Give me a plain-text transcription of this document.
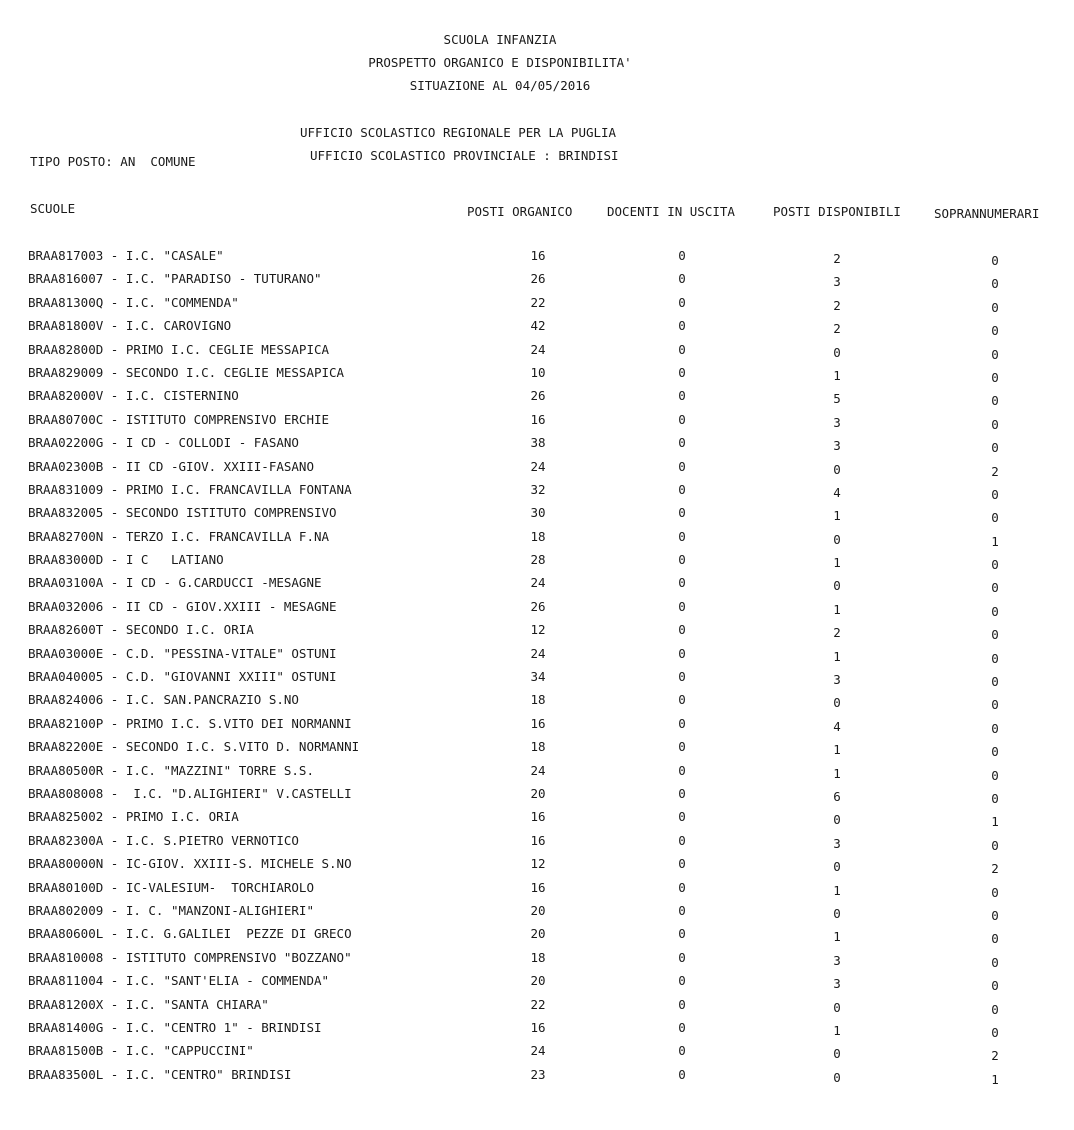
SCUOLA INFANZIA
PROSPETTO ORGANICO E DISPONIBILITA'
SITUAZIONE AL 04/05/2016
UFFICIO SCOLASTICO REGIONALE PER LA PUGLIA
UFFICIO SCOLASTICO PROVINCIALE : BRINDISI
TIPO POSTO: AN  COMUNE
SCUOLE	POSTI ORGANICO	DOCENTI IN USCITA	POSTI DISPONIBILI	SOPRANNUMERARI
BRAA817003 - I.C. "CASALE"	16	0	2	0
BRAA816007 - I.C. "PARADISO - TUTURANO"	26	0	3	0
BRAA81300Q - I.C. "COMMENDA"	22	0	2	0
BRAA81800V - I.C. CAROVIGNO	42	0	2	0
BRAA82800D - PRIMO I.C. CEGLIE MESSAPICA	24	0	0	0
BRAA829009 - SECONDO I.C. CEGLIE MESSAPICA	10	0	1	0
BRAA82000V - I.C. CISTERNINO	26	0	5	0
BRAA80700C - ISTITUTO COMPRENSIVO ERCHIE	16	0	3	0
BRAA02200G - I CD - COLLODI - FASANO	38	0	3	0
BRAA02300B - II CD -GIOV. XXIII-FASANO	24	0	0	2
BRAA831009 - PRIMO I.C. FRANCAVILLA FONTANA	32	0	4	0
BRAA832005 - SECONDO ISTITUTO COMPRENSIVO	30	0	1	0
BRAA82700N - TERZO I.C. FRANCAVILLA F.NA	18	0	0	1
BRAA83000D - I C   LATIANO	28	0	1	0
BRAA03100A - I CD - G.CARDUCCI -MESAGNE	24	0	0	0
BRAA032006 - II CD - GIOV.XXIII - MESAGNE	26	0	1	0
BRAA82600T - SECONDO I.C. ORIA	12	0	2	0
BRAA03000E - C.D. "PESSINA-VITALE" OSTUNI	24	0	1	0
BRAA040005 - C.D. "GIOVANNI XXIII" OSTUNI	34	0	3	0
BRAA824006 - I.C. SAN.PANCRAZIO S.NO	18	0	0	0
BRAA82100P - PRIMO I.C. S.VITO DEI NORMANNI	16	0	4	0
BRAA82200E - SECONDO I.C. S.VITO D. NORMANNI	18	0	1	0
BRAA80500R - I.C. "MAZZINI" TORRE S.S.	24	0	1	0
BRAA808008 -  I.C. "D.ALIGHIERI" V.CASTELLI	20	0	6	0
BRAA825002 - PRIMO I.C. ORIA	16	0	0	1
BRAA82300A - I.C. S.PIETRO VERNOTICO	16	0	3	0
BRAA80000N - IC-GIOV. XXIII-S. MICHELE S.NO	12	0	0	2
BRAA80100D - IC-VALESIUM-  TORCHIAROLO	16	0	1	0
BRAA802009 - I. C. "MANZONI-ALIGHIERI"	20	0	0	0
BRAA80600L - I.C. G.GALILEI  PEZZE DI GRECO	20	0	1	0
BRAA810008 - ISTITUTO COMPRENSIVO "BOZZANO"	18	0	3	0
BRAA811004 - I.C. "SANT'ELIA - COMMENDA"	20	0	3	0
BRAA81200X - I.C. "SANTA CHIARA"	22	0	0	0
BRAA81400G - I.C. "CENTRO 1" - BRINDISI	16	0	1	0
BRAA81500B - I.C. "CAPPUCCINI"	24	0	0	2
BRAA83500L - I.C. "CENTRO" BRINDISI	23	0	0	1
